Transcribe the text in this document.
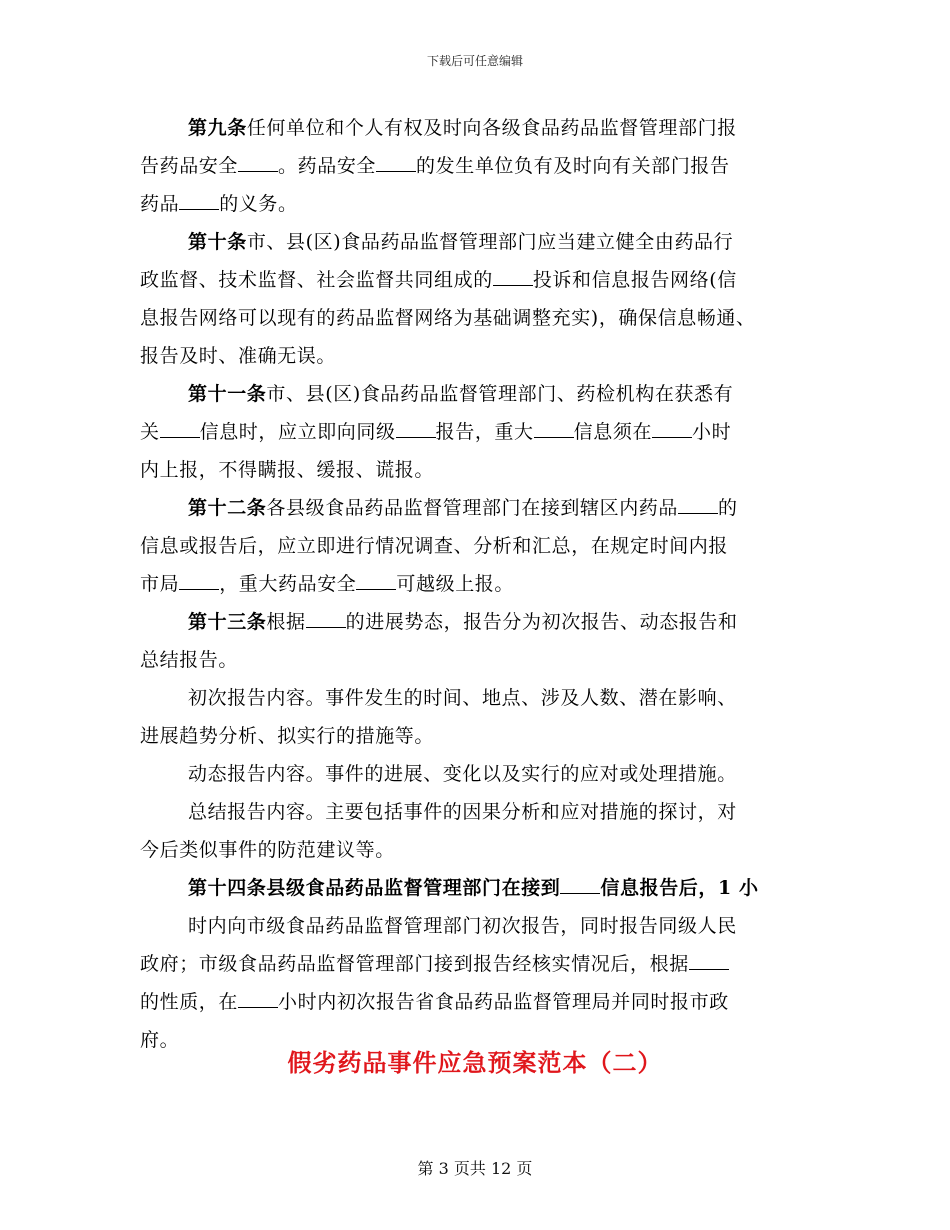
下载后可任意编辑
第九条任何单位和个人有权及时向各级食品药品监督管理部门报
告药品安全 。药品安全 的发生单位负有及时向有关部门报告
药品 的义务。
第十条市、县(区)食品药品监督管理部门应当建立健全由药品行
政监督、技术监督、社会监督共同组成的 投诉和信息报告网络(信
息报告网络可以现有的药品监督网络为基础调整充实)，确保信息畅通、
报告及时、准确无误。
第十一条市、县(区)食品药品监督管理部门、药检机构在获悉有
关 信息时，应立即向同级 报告，重大 信息须在 小时
内上报，不得瞒报、缓报、谎报。
第十二条各县级食品药品监督管理部门在接到辖区内药品 的
信息或报告后，应立即进行情况调查、分析和汇总，在规定时间内报
市局 ，重大药品安全 可越级上报。
第十三条根据 的进展势态，报告分为初次报告、动态报告和
总结报告。
初次报告内容。事件发生的时间、地点、涉及人数、潜在影响、
进展趋势分析、拟实行的措施等。
动态报告内容。事件的进展、变化以及实行的应对或处理措施。
总结报告内容。主要包括事件的因果分析和应对措施的探讨，对
今后类似事件的防范建议等。
第十四条县级食品药品监督管理部门在接到 信息报告后，1 小
时内向市级食品药品监督管理部门初次报告，同时报告同级人民
政府；市级食品药品监督管理部门接到报告经核实情况后，根据
的性质，在 小时内初次报告省食品药品监督管理局并同时报市政
府。
假劣药品事件应急预案范本（二）
第 3 页共 12 页
